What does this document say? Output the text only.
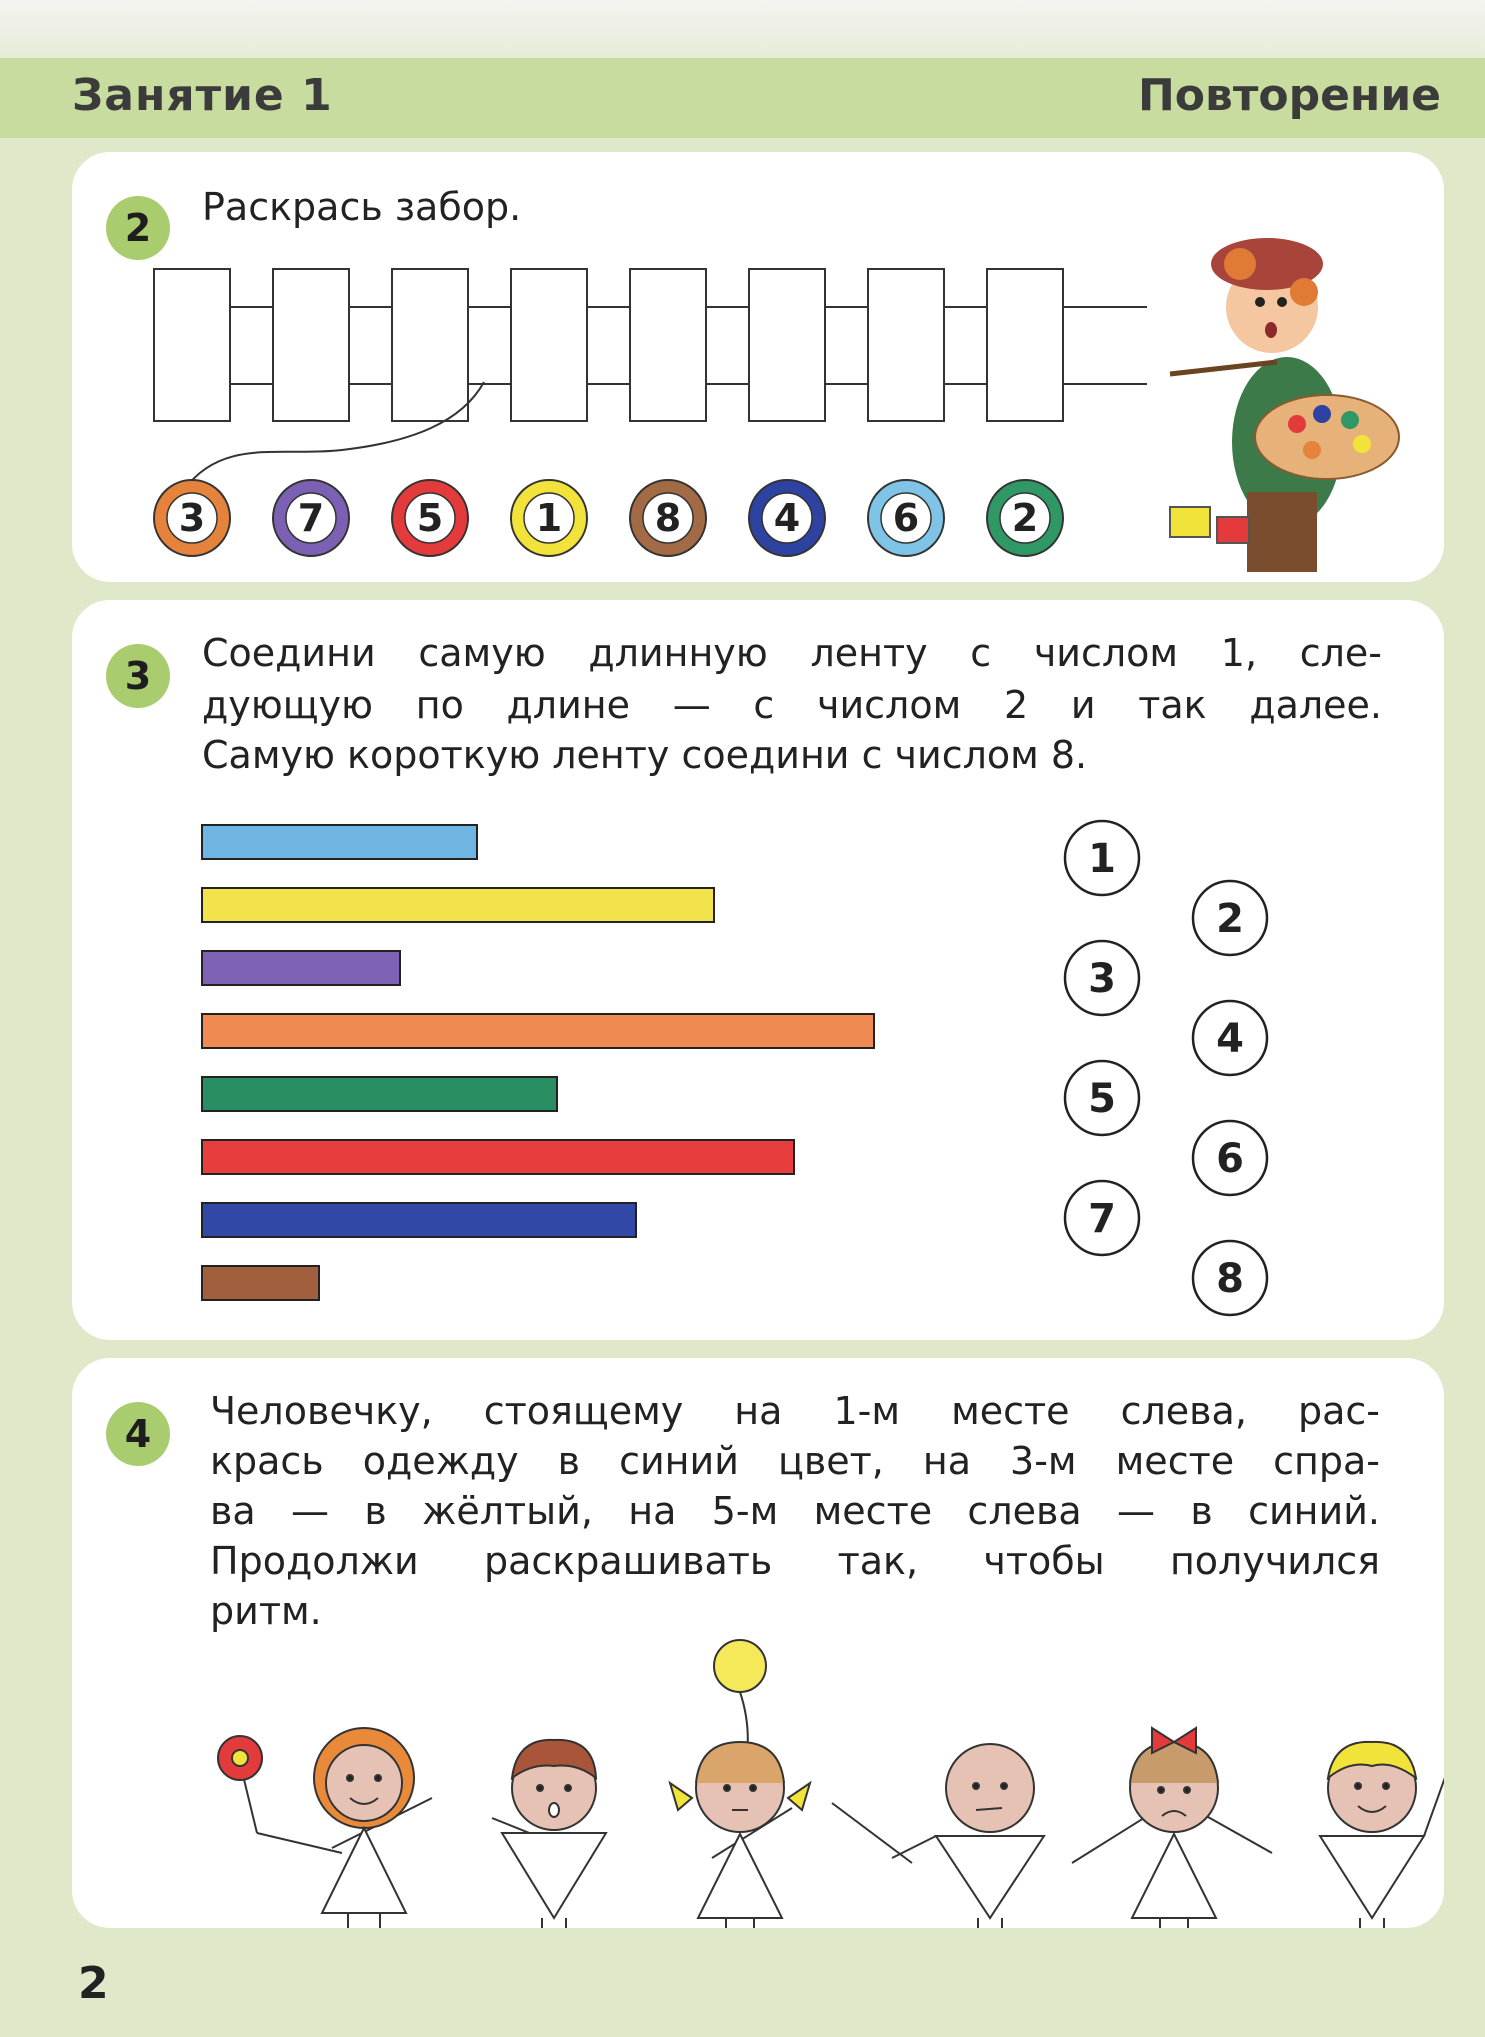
Занятие 1	Повторение
2	Раскрась забор.
3 7 5 1 8 4 6 2
3
Соедини самую длинную ленту с числом 1, сле-
дующую по длине — с числом 2 и так далее.
Самую короткую ленту соедини с числом 8.
1
2
3
4
5
6
7
8
4
Человечку, стоящему на 1-м месте слева, рас-
крась одежду в синий цвет, на 3-м месте спра-
ва — в жёлтый, на 5-м месте слева — в синий.
Продолжи раскрашивать так, чтобы получился
ритм.
2
